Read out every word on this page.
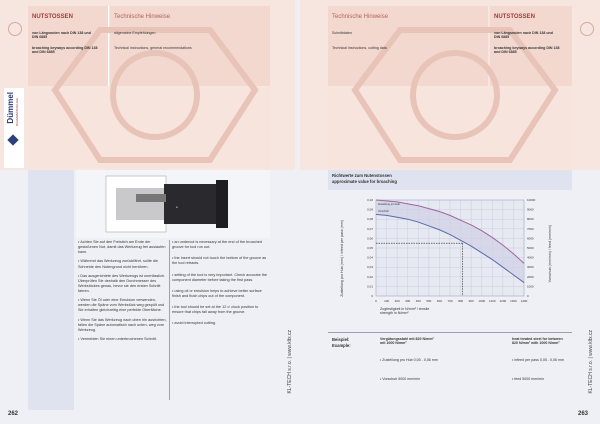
NUTSTOSSEN
von Längsnuten nach DIN 138 und DIN 6885
broaching keyways according DIN 138 and DIN 6885
Technische Hinweise
allgemeine Empfehlungen
Technical instructions, general recommendations
Dümmel RÄUMWERKZEUGE
●
• Achten Sie auf den Freistich am Ende der gestoßenen Nut, damit das Werkzeug frei auslaufen kann.
• Während das Werkzeug zurückfährt, sollte die Schneide den Nutengrund nicht berühren.
• Das ausgerichtete des Werkzeugs ist unerlässlich. Überprüfen Sie deshalb den Durchmesser des Werkstückes genau, bevor sie den ersten Schnitt fahren.
• Wenn Sie Öl oder eine Emulsion verwenden, werden die Späne vom Werkstück weg gespült und Sie erhalten gleichzeitig eine perfekte Oberfläche.
• Wenn Sie das Werkzeug nach oben hin ausrichten, fallen die Späne automatisch nach unten, weg vom Werkzeug.
• Vermeiden Sie einen unterbrochenen Schnitt.
• an undercut is necessary at the end of the broached groove for tool run out.
• the insert should not touch the bottom of the groove as the tool retracts.
• setting of the tool is very important. Check accurate the component diameter before taking the first pass.
• using oil or emulsion helps to achieve better surface finish and flush chips out of the component.
• the tool should be set at the 12 o' clock position to ensure that chips fall away from the groove.
• avoid interrupted cutting.
262
KL-TECH s.r.o. | www.kltx.cz	KL-TECH s.r.o. | www.kltx.cz
Technische Hinweise
Schnittdaten
Technical instructions, cutting data
NUTSTOSSEN
von Längsnuten nach DIN 138 und DIN 6885
broaching keyways according DIN 138 and DIN 6885
Richtwerte zum Nutenstossen
approximate value for broaching
Zustellung pro Hub (mm) / infeed per pass (mm)	Vorschub (mm/min) / feed (mm/min)
Zugfestigkeit in N/mm² / tensile strength in N/mm²
0
0,01
0,02
0,03
0,04
0,05
0,06
0,07
0,08
0,09
0,10
0
1000
2000
3000
4000
5000
6000
7000
8000
9000
10000
0 100 200 300 400 500 600 700 800 900 1000 1100 1200 1300 1400
Zustellung pro Hub
Vorschub
Beispiel:
Example:
Vergütungsstahl mit 820 N/mm² mit 1000 N/mm²
• Zustellung pro Hub 0,05 - 0,06 mm
• Vorschub 5000 mm/min
heat treated steel for between 820 N/mm² with 1000 N/mm²
• infeed per pass 0,05 - 0,06 mm
• feed 5000 mm/min
263
